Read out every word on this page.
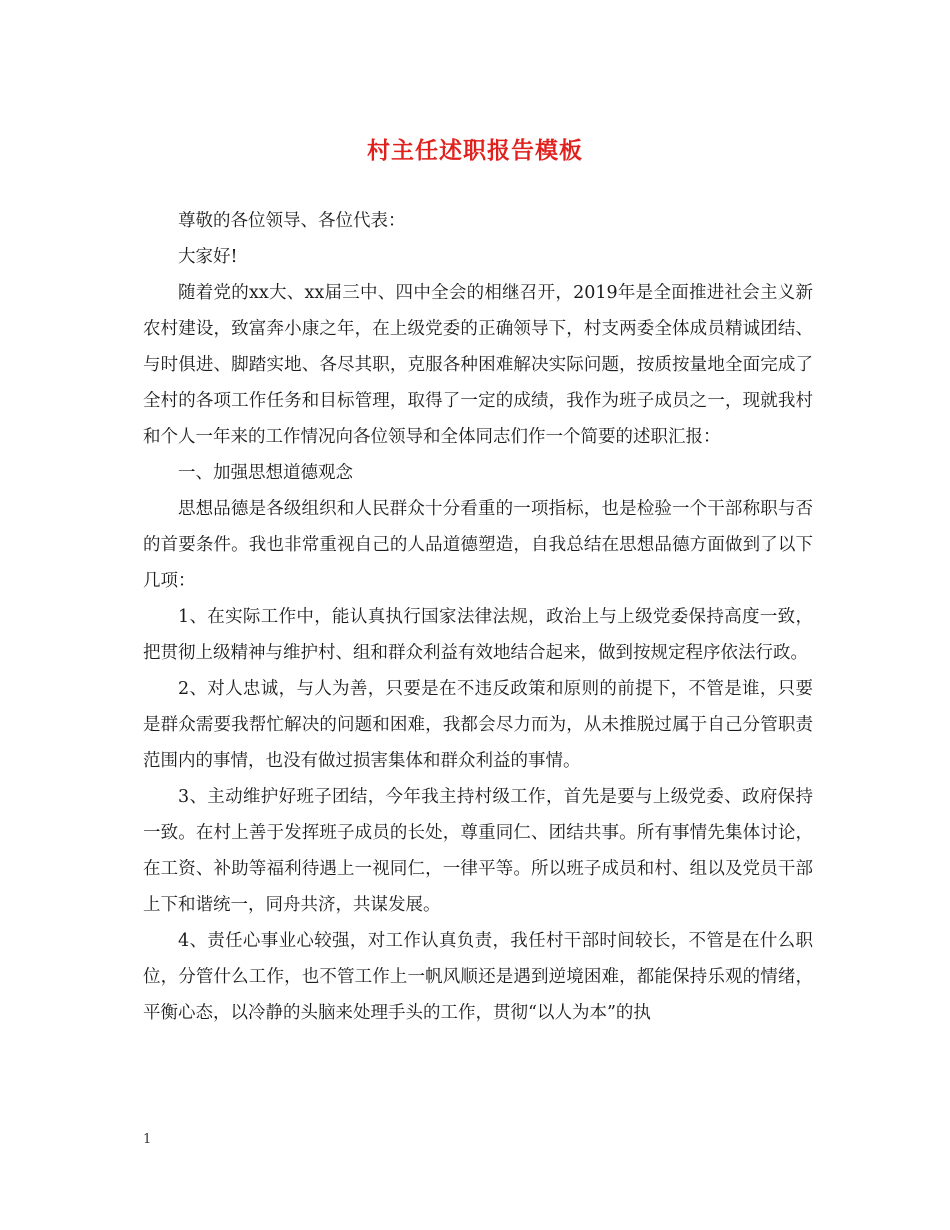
村主任述职报告模板

尊敬的各位领导、各位代表：

大家好!

随着党的xx大、xx届三中、四中全会的相继召开，2019年是全面推进社会主义新农村建设，致富奔小康之年，在上级党委的正确领导下，村支两委全体成员精诚团结、与时俱进、脚踏实地、各尽其职，克服各种困难解决实际问题，按质按量地全面完成了全村的各项工作任务和目标管理，取得了一定的成绩，我作为班子成员之一，现就我村和个人一年来的工作情况向各位领导和全体同志们作一个简要的述职汇报：

一、加强思想道德观念

思想品德是各级组织和人民群众十分看重的一项指标，也是检验一个干部称职与否的首要条件。我也非常重视自己的人品道德塑造，自我总结在思想品德方面做到了以下几项：

1、在实际工作中，能认真执行国家法律法规，政治上与上级党委保持高度一致，把贯彻上级精神与维护村、组和群众利益有效地结合起来，做到按规定程序依法行政。

2、对人忠诚，与人为善，只要是在不违反政策和原则的前提下，不管是谁，只要是群众需要我帮忙解决的问题和困难，我都会尽力而为，从未推脱过属于自己分管职责范围内的事情，也没有做过损害集体和群众利益的事情。

3、主动维护好班子团结，今年我主持村级工作，首先是要与上级党委、政府保持一致。在村上善于发挥班子成员的长处，尊重同仁、团结共事。所有事情先集体讨论，在工资、补助等福利待遇上一视同仁，一律平等。所以班子成员和村、组以及党员干部上下和谐统一，同舟共济，共谋发展。

4、责任心事业心较强，对工作认真负责，我任村干部时间较长，不管是在什么职位，分管什么工作，也不管工作上一帆风顺还是遇到逆境困难，都能保持乐观的情绪，平衡心态，以冷静的头脑来处理手头的工作，贯彻“以人为本”的执

1
